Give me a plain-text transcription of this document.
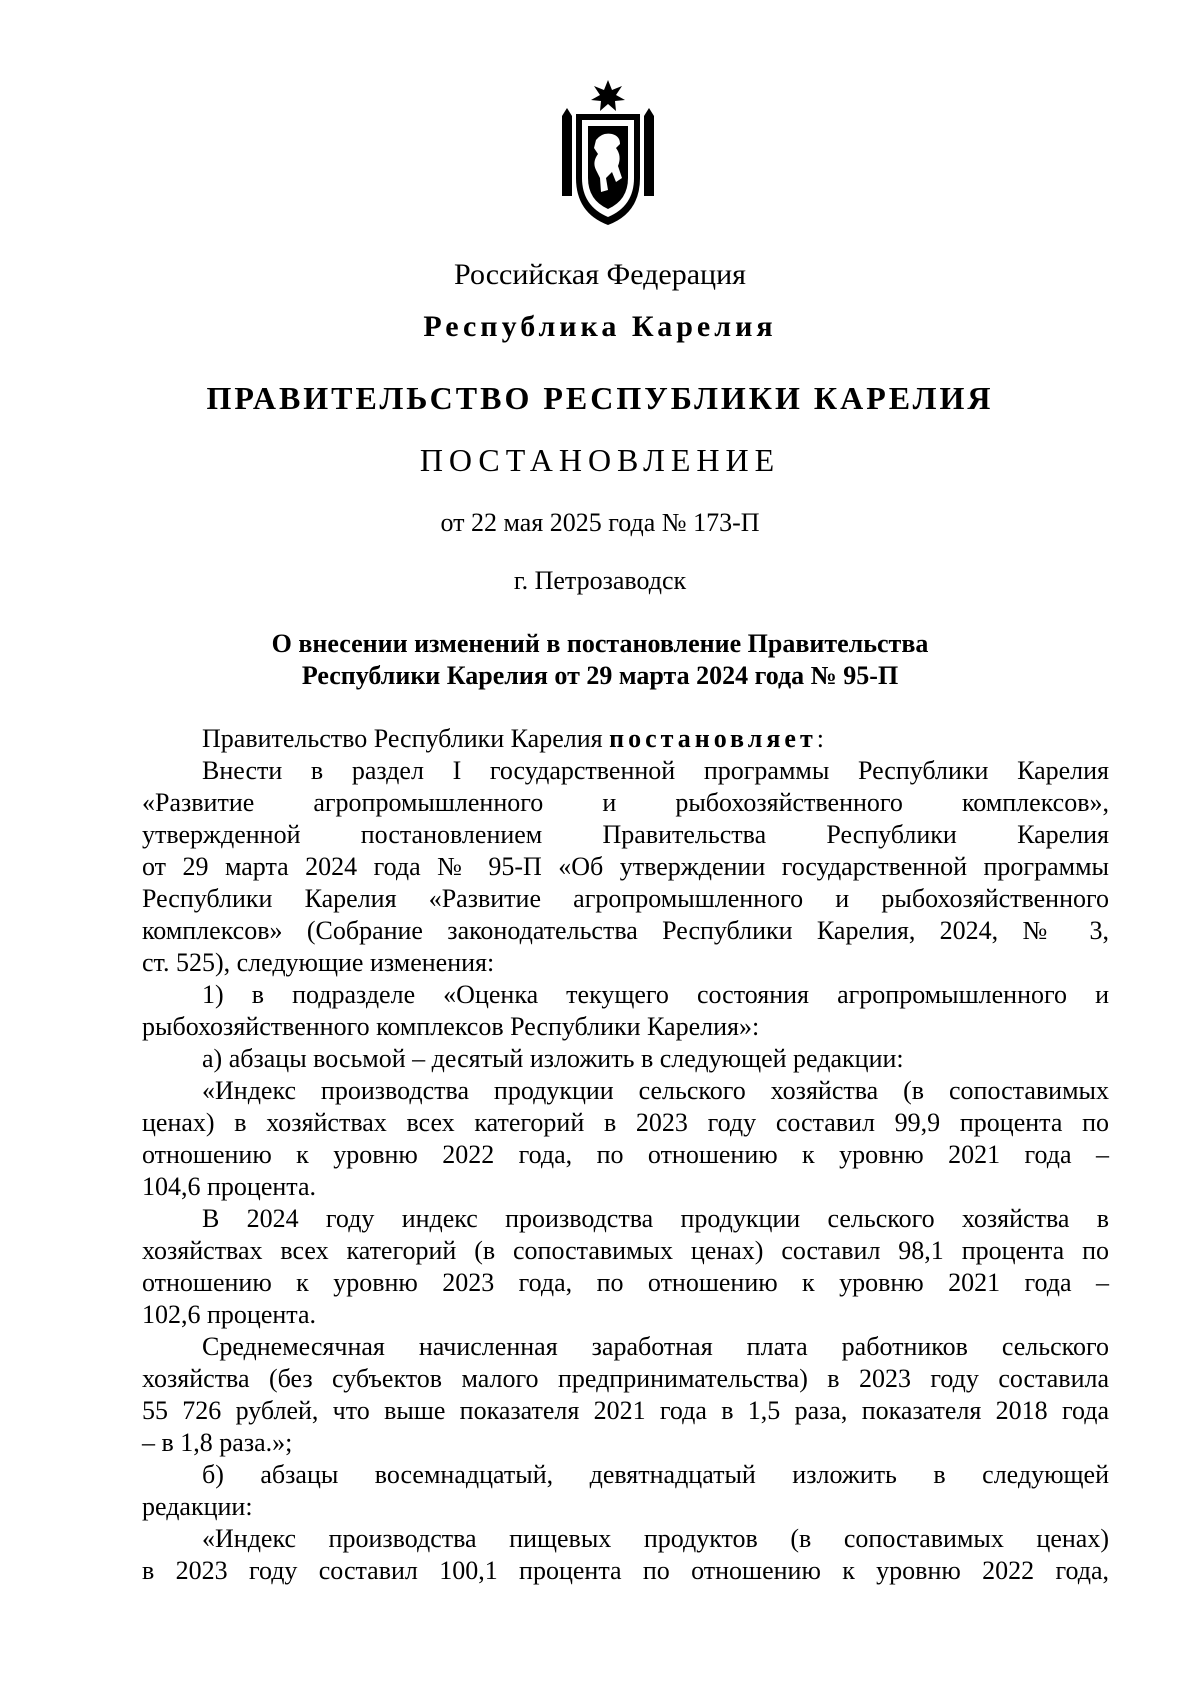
Российская Федерация
Республика Карелия
ПРАВИТЕЛЬСТВО РЕСПУБЛИКИ КАРЕЛИЯ
ПОСТАНОВЛЕНИЕ
от 22 мая 2025 года № 173-П
г. Петрозаводск
О внесении изменений в постановление Правительства
Республики Карелия от 29 марта 2024 года № 95-П

Правительство Республики Карелия постановляет:

Внести в раздел I государственной программы Республики Карелия
«Развитие агропромышленного и рыбохозяйственного комплексов»,
утвержденной постановлением Правительства Республики Карелия
от 29 марта 2024 года № 95-П «Об утверждении государственной программы
Республики Карелия «Развитие агропромышленного и рыбохозяйственного
комплексов» (Собрание законодательства Республики Карелия, 2024, № 3,
ст. 525), следующие изменения:
1) в подразделе «Оценка текущего состояния агропромышленного и
рыбохозяйственного комплексов Республики Карелия»:
а) абзацы восьмой – десятый изложить в следующей редакции:
«Индекс производства продукции сельского хозяйства (в сопоставимых
ценах) в хозяйствах всех категорий в 2023 году составил 99,9 процента по
отношению к уровню 2022 года, по отношению к уровню 2021 года –
104,6 процента.
В 2024 году индекс производства продукции сельского хозяйства в
хозяйствах всех категорий (в сопоставимых ценах) составил 98,1 процента по
отношению к уровню 2023 года, по отношению к уровню 2021 года –
102,6 процента.
Среднемесячная начисленная заработная плата работников сельского
хозяйства (без субъектов малого предпринимательства) в 2023 году составила
55 726 рублей, что выше показателя 2021 года в 1,5 раза, показателя 2018 года
– в 1,8 раза.»;
б) абзацы восемнадцатый, девятнадцатый изложить в следующей
редакции:
«Индекс производства пищевых продуктов (в сопоставимых ценах)
в 2023 году составил 100,1 процента по отношению к уровню 2022 года,
